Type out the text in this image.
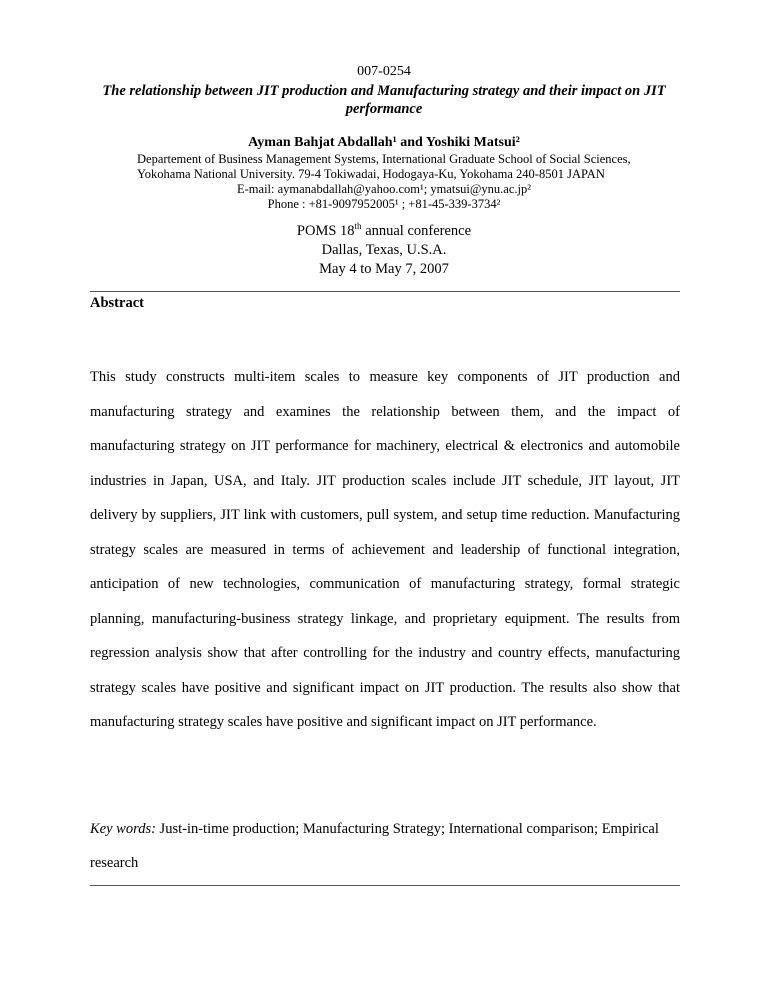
007-0254
The relationship between JIT production and Manufacturing strategy and their impact on JIT performance
Ayman Bahjat Abdallah¹ and Yoshiki Matsui²
Departement of Business Management Systems, International Graduate School of Social Sciences,
Yokohama National University. 79-4 Tokiwadai, Hodogaya-Ku, Yokohama 240-8501 JAPAN
E-mail: aymanabdallah@yahoo.com¹; ymatsui@ynu.ac.jp²
Phone : +81-9097952005¹ ; +81-45-339-3734²
POMS 18th annual conference
Dallas, Texas, U.S.A.
May 4 to May 7, 2007
Abstract

This study constructs multi-item scales to measure key components of JIT production and manufacturing strategy and examines the relationship between them, and the impact of manufacturing strategy on JIT performance for machinery, electrical & electronics and automobile industries in Japan, USA, and Italy. JIT production scales include JIT schedule, JIT layout, JIT delivery by suppliers, JIT link with customers, pull system, and setup time reduction. Manufacturing strategy scales are measured in terms of achievement and leadership of functional integration, anticipation of new technologies, communication of manufacturing strategy, formal strategic planning, manufacturing-business strategy linkage, and proprietary equipment. The results from regression analysis show that after controlling for the industry and country effects, manufacturing strategy scales have positive and significant impact on JIT production. The results also show that manufacturing strategy scales have positive and significant impact on JIT performance.

Key words: Just-in-time production; Manufacturing Strategy; International comparison; Empirical research
